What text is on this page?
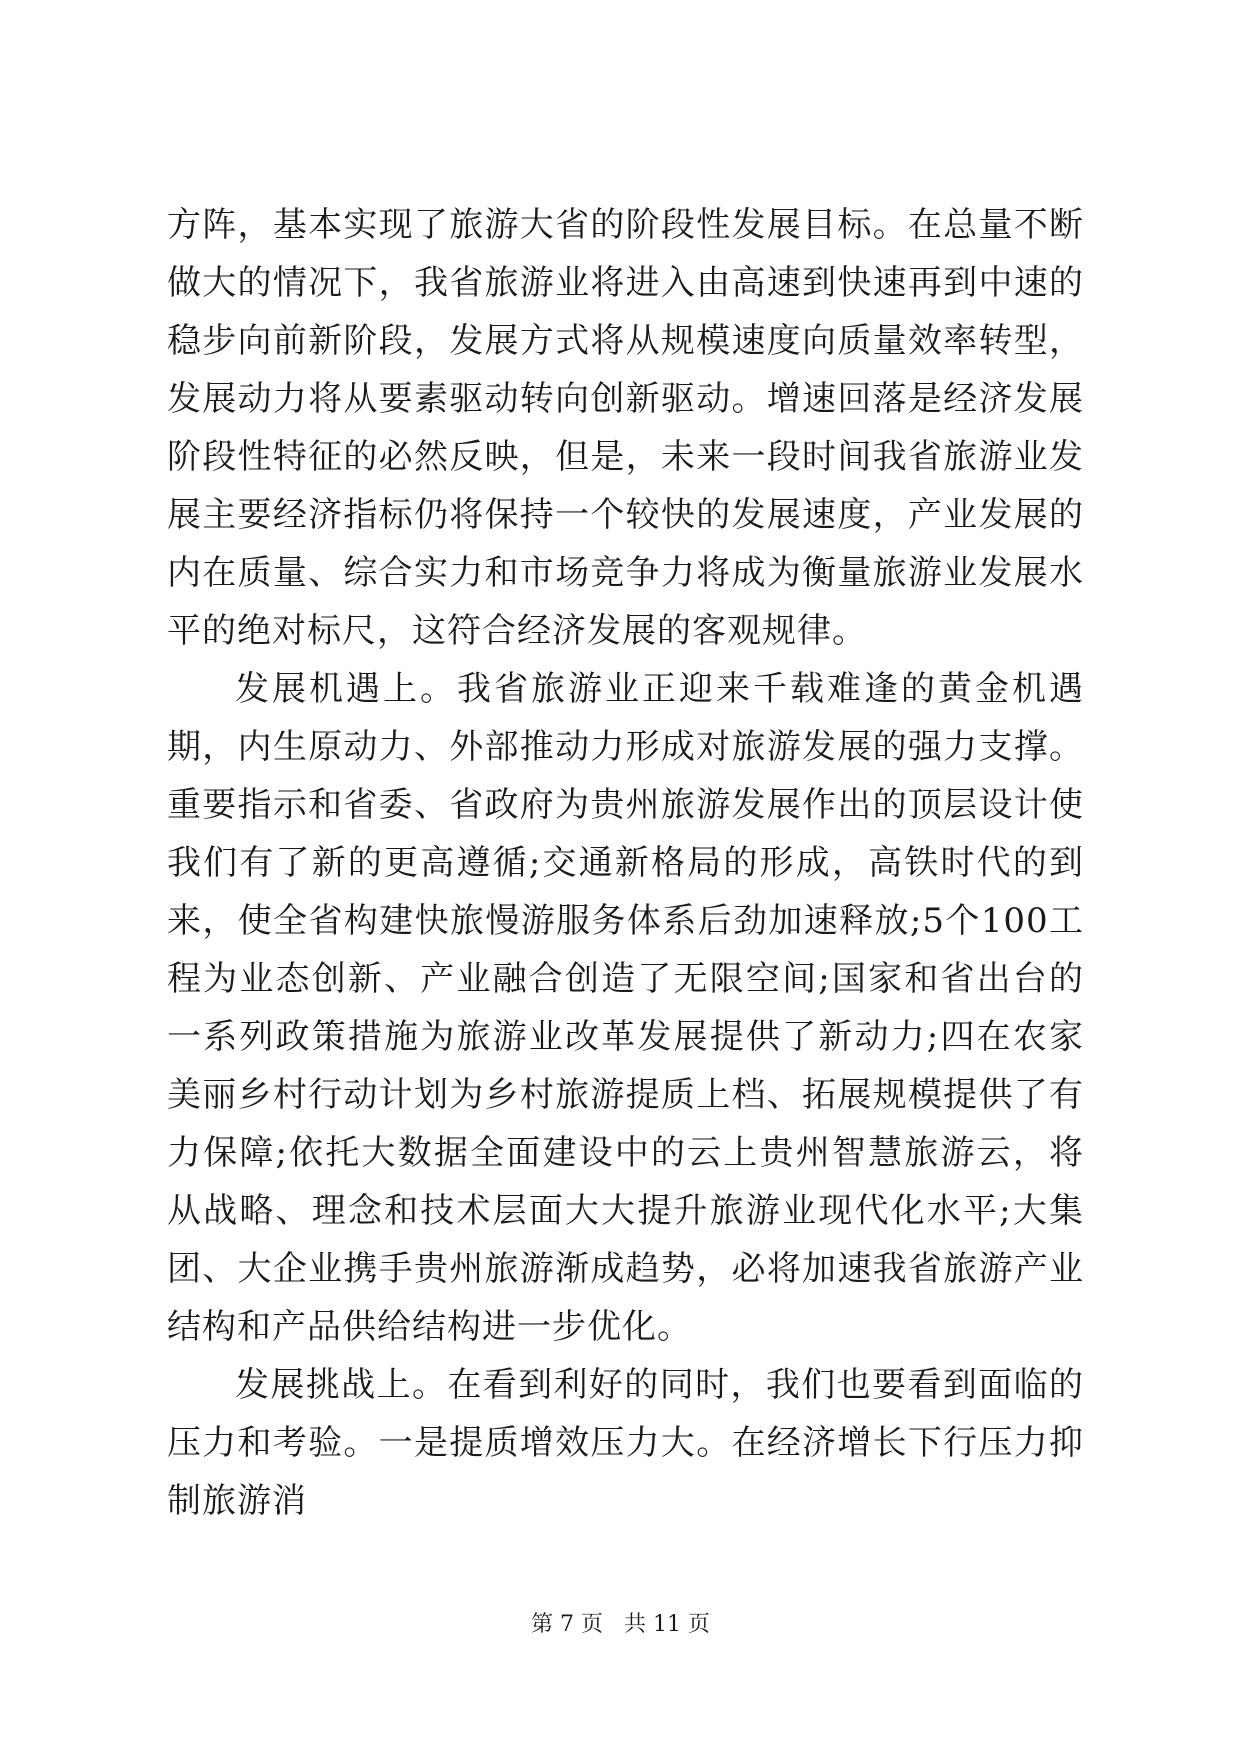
方阵，基本实现了旅游大省的阶段性发展目标。在总量不断做大的情况下，我省旅游业将进入由高速到快速再到中速的稳步向前新阶段，发展方式将从规模速度向质量效率转型，发展动力将从要素驱动转向创新驱动。增速回落是经济发展阶段性特征的必然反映，但是，未来一段时间我省旅游业发展主要经济指标仍将保持一个较快的发展速度，产业发展的内在质量、综合实力和市场竞争力将成为衡量旅游业发展水平的绝对标尺，这符合经济发展的客观规律。

发展机遇上。我省旅游业正迎来千载难逢的黄金机遇期，内生原动力、外部推动力形成对旅游发展的强力支撑。重要指示和省委、省政府为贵州旅游发展作出的顶层设计使我们有了新的更高遵循;交通新格局的形成，高铁时代的到来，使全省构建快旅慢游服务体系后劲加速释放;5个100工程为业态创新、产业融合创造了无限空间;国家和省出台的一系列政策措施为旅游业改革发展提供了新动力;四在农家美丽乡村行动计划为乡村旅游提质上档、拓展规模提供了有力保障;依托大数据全面建设中的云上贵州智慧旅游云，将从战略、理念和技术层面大大提升旅游业现代化水平;大集团、大企业携手贵州旅游渐成趋势，必将加速我省旅游产业结构和产品供给结构进一步优化。

发展挑战上。在看到利好的同时，我们也要看到面临的压力和考验。一是提质增效压力大。在经济增长下行压力抑制旅游消

第 7 页 共 11 页
